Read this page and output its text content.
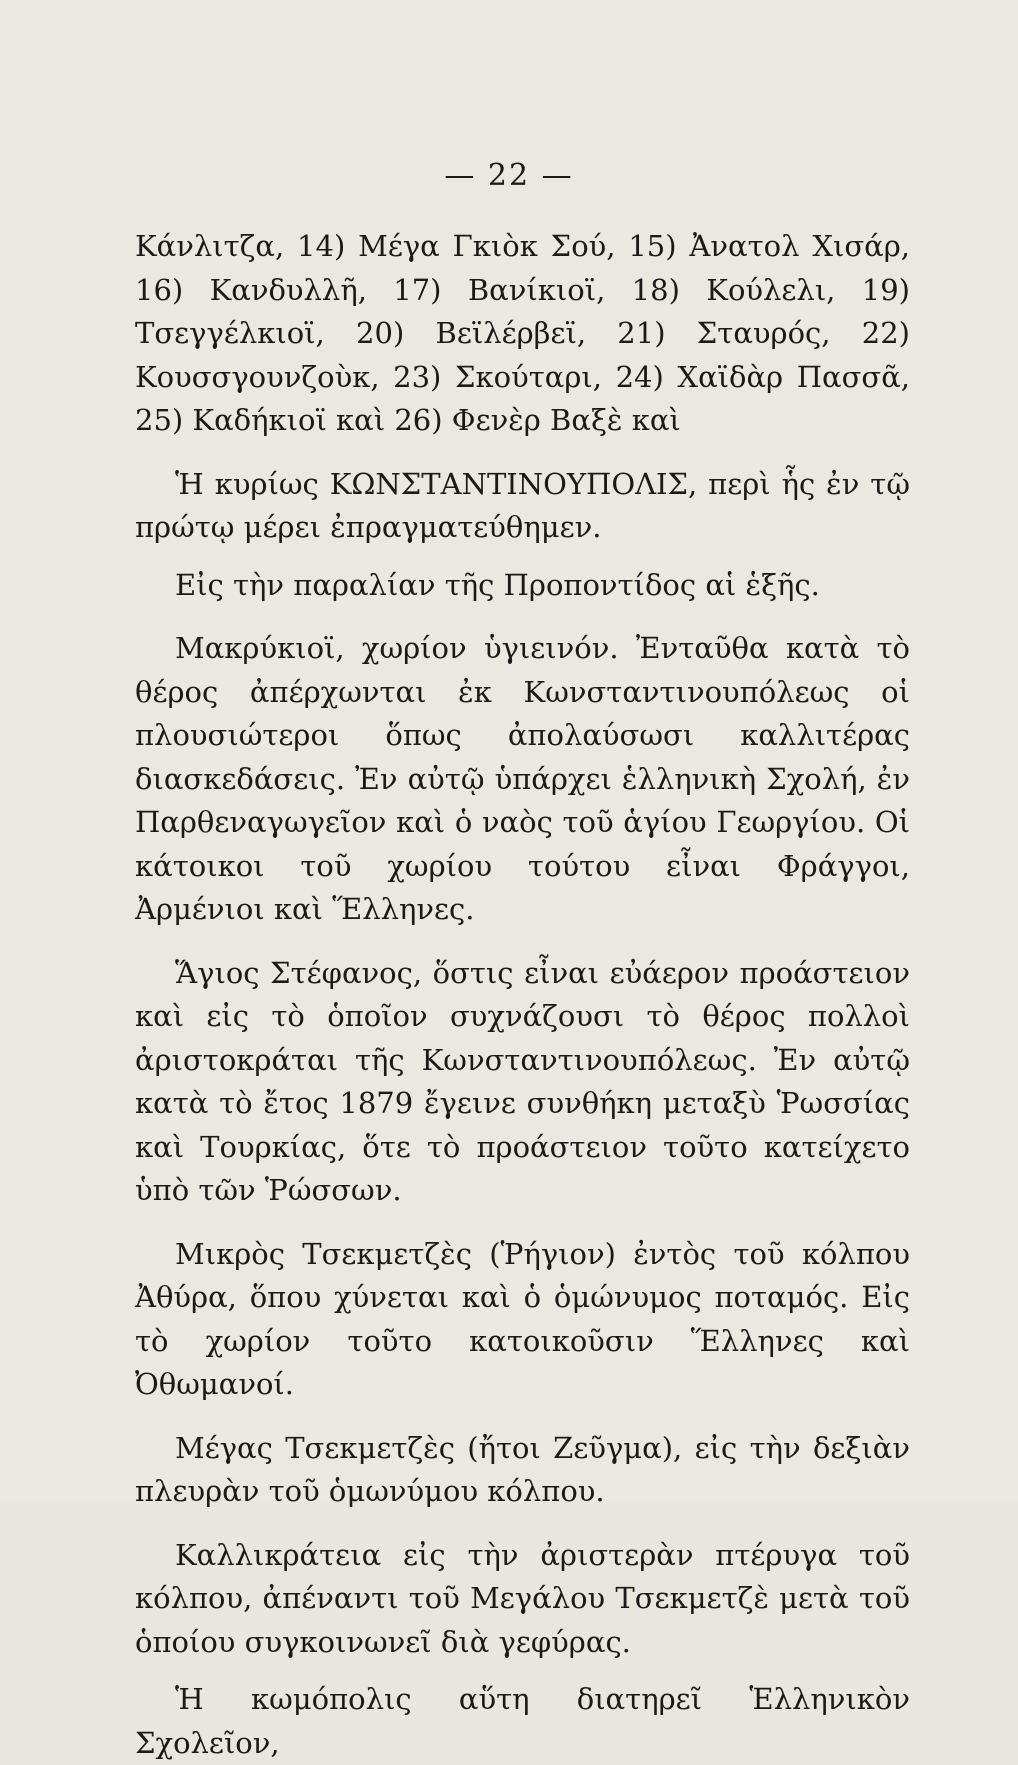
— 22 —

Κάνλιτζα, 14) Μέγα Γκιὸκ Σού, 15) Ἀνατολ Χισάρ, 16) Κανδυλλῆ, 17) Βανίκιοϊ, 18) Κούλελι, 19) Τσεγγέλκιοϊ, 20) Βεϊλέρβεϊ, 21) Σταυρός, 22) Κουσσγουνζοὺκ, 23) Σκούταρι, 24) Χαϊδὰρ Πασσᾶ, 25) Καδήκιοϊ καὶ 26) Φενὲρ Βαξὲ καὶ

Ἡ κυρίως ΚΩΝΣΤΑΝΤΙΝΟΥΠΟΛΙΣ, περὶ ἧς ἐν τῷ πρώτῳ μέρει ἐπραγματεύθημεν.

Εἰς τὴν παραλίαν τῆς Προποντίδος αἱ ἑξῆς.

Μακρύκιοϊ, χωρίον ὑγιεινόν. Ἐνταῦθα κατὰ τὸ θέρος ἀπέρχωνται ἐκ Κωνσταντινουπόλεως οἱ πλουσιώτεροι ὅπως ἀπολαύσωσι καλλιτέρας διασκεδάσεις. Ἐν αὐτῷ ὑπάρχει ἑλληνικὴ Σχολή, ἐν Παρθεναγωγεῖον καὶ ὁ ναὸς τοῦ ἁγίου Γεωργίου. Οἱ κάτοικοι τοῦ χωρίου τούτου εἶναι Φράγγοι, Ἀρμένιοι καὶ Ἕλληνες.

Ἅγιος Στέφανος, ὅστις εἶναι εὐάερον προάστειον καὶ εἰς τὸ ὁποῖον συχνάζουσι τὸ θέρος πολλοὶ ἀριστοκράται τῆς Κωνσταντινουπόλεως. Ἐν αὐτῷ κατὰ τὸ ἔτος 1879 ἔγεινε συνθήκη μεταξὺ Ῥωσσίας καὶ Τουρκίας, ὅτε τὸ προάστειον τοῦτο κατείχετο ὑπὸ τῶν Ῥώσσων.

Μικρὸς Τσεκμετζὲς (Ῥήγιον) ἐντὸς τοῦ κόλπου Ἀθύρα, ὅπου χύνεται καὶ ὁ ὁμώνυμος ποταμός. Εἰς τὸ χωρίον τοῦτο κατοικοῦσιν Ἕλληνες καὶ Ὀθωμανοί.

Μέγας Τσεκμετζὲς (ἤτοι Ζεῦγμα), εἰς τὴν δεξιὰν πλευρὰν τοῦ ὁμωνύμου κόλπου.

Καλλικράτεια εἰς τὴν ἀριστερὰν πτέρυγα τοῦ κόλπου, ἀπέναντι τοῦ Μεγάλου Τσεκμετζὲ μετὰ τοῦ ὁποίου συγκοινωνεῖ διὰ γεφύρας.

Ἡ κωμόπολις αὕτη διατηρεῖ Ἑλληνικὸν Σχολεῖον,
